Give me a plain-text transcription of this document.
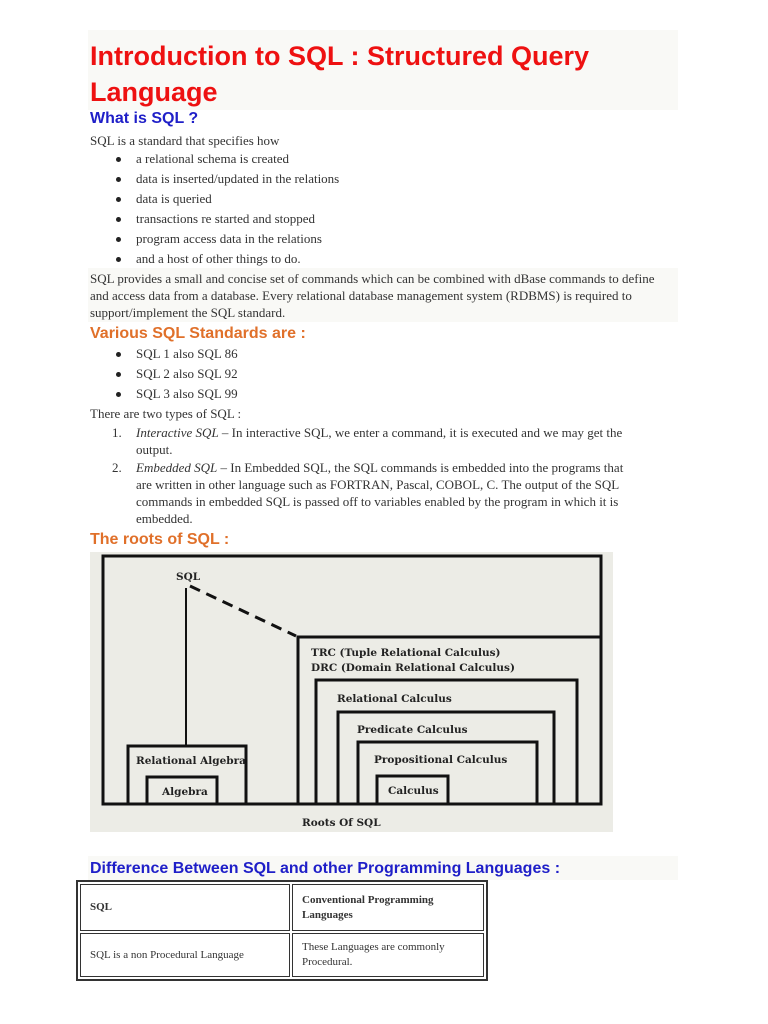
Introduction to SQL : Structured Query Language
What is SQL ?
SQL is a standard that specifies how
a relational schema is created
data is inserted/updated in the relations
data is queried
transactions re started and stopped
program access data in the relations
and a host of other things to do.
SQL provides a small and concise set of commands which can be combined with dBase commands to define and access data from a database. Every relational database management system (RDBMS) is required to support/implement the SQL standard.
Various SQL Standards are :
SQL 1 also SQL 86
SQL 2 also SQL 92
SQL 3 also SQL 99
There are two types of SQL :
1. Interactive SQL – In interactive SQL, we enter a command, it is executed and we may get the output.
2. Embedded SQL – In Embedded SQL, the SQL commands is embedded into the programs that are written in other language such as FORTRAN, Pascal, COBOL, C. The output of the SQL commands in embedded SQL is passed off to variables enabled by the program in which it is embedded.
The roots of SQL :
SQL
TRC (Tuple Relational Calculus)
DRC (Domain Relational Calculus)
Relational Calculus
Predicate Calculus
Propositional Calculus
Calculus
Relational Algebra
Algebra
Roots Of SQL
Difference Between SQL and other Programming Languages :
SQL	Conventional Programming Languages
SQL is a non Procedural Language	These Languages are commonly Procedural.
